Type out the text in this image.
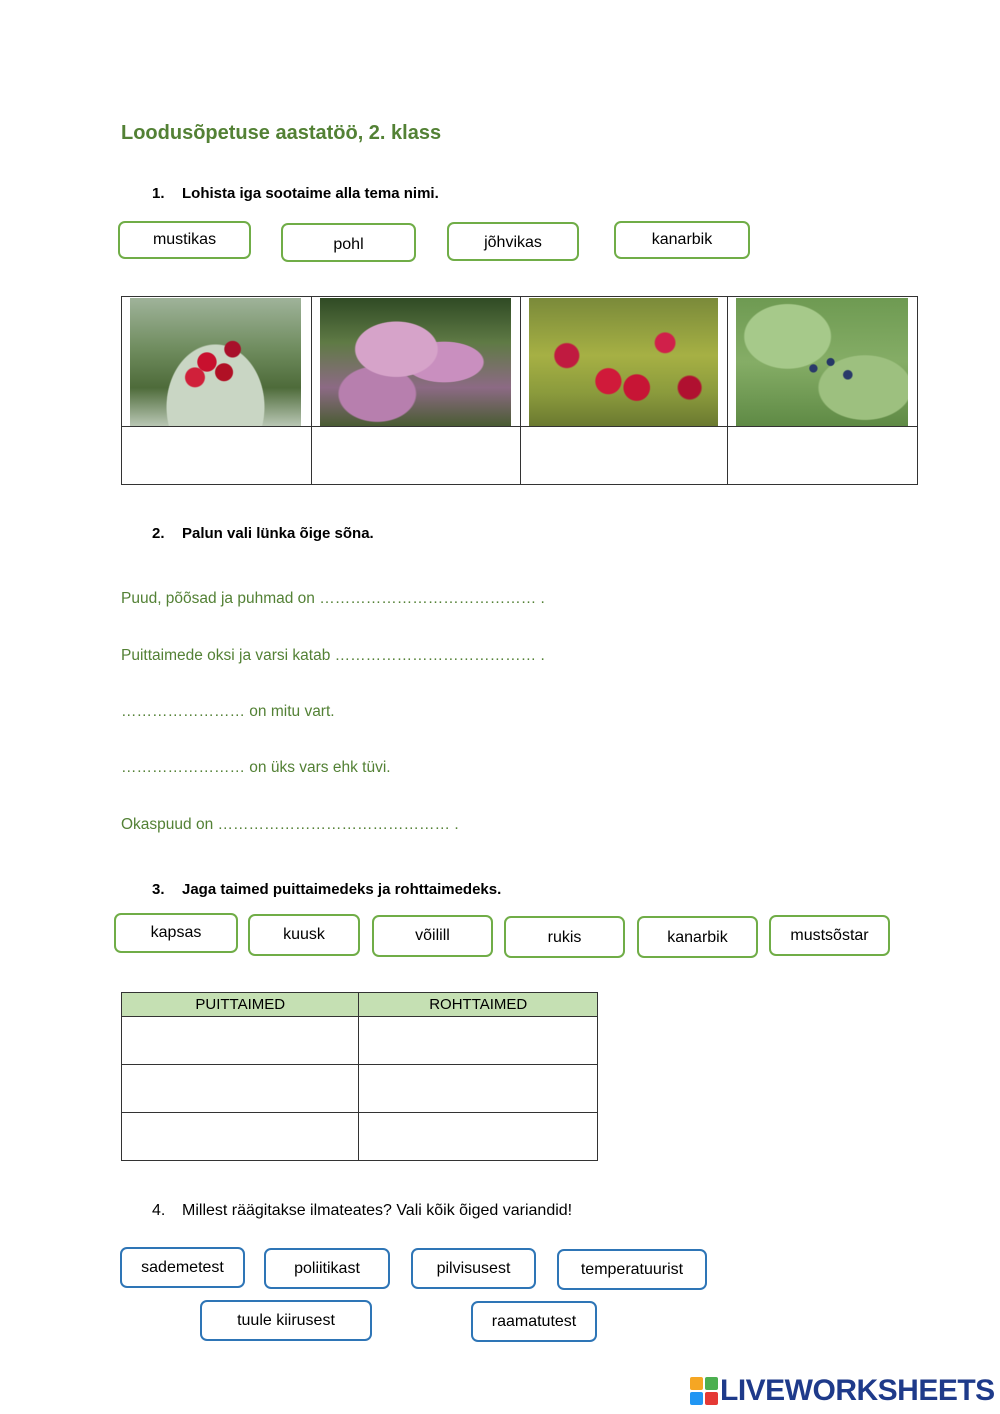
Loodusõpetuse aastatöö, 2. klass
1. Lohista iga sootaime alla tema nimi.
mustikas	pohl	jõhvikas	kanarbik

2. Palun vali lünka õige sõna.
Puud, põõsad ja puhmad on …………………………………… .
Puittaimede oksi ja varsi katab ………………………………… .
…………………… on mitu vart.
…………………… on üks vars ehk tüvi.
Okaspuud on ……………………………………… .
3. Jaga taimed puittaimedeks ja rohttaimedeks.
kapsas	kuusk	võilill	rukis	kanarbik	mustsõstar
PUITTAIMED	ROHTTAIMED

4. Millest räägitakse ilmateates? Vali kõik õiged variandid!
sademetest	poliitikast	pilvisusest	temperatuurist
tuule kiirusest	raamatutest
LIVEWORKSHEETS
